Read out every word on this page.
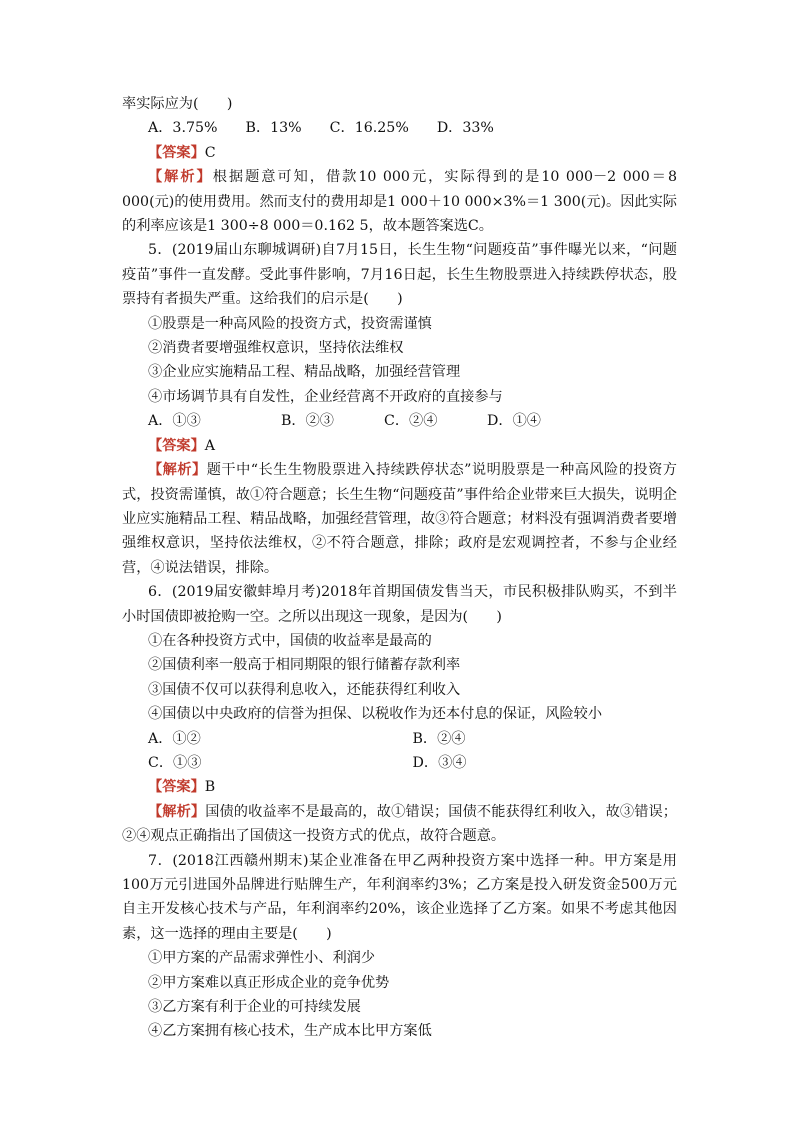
率实际应为(　　)
A．3.75% B．13% C．16.25% D．33%
【答案】C
【解析】根据题意可知，借款10 000元，实际得到的是10 000－2 000＝8 000(元)的使用费用。然而支付的费用却是1 000＋10 000×3%＝1 300(元)。因此实际的利率应该是1 300÷8 000＝0.162 5，故本题答案选C。
5．(2019届山东聊城调研)自7月15日，长生生物“问题疫苗”事件曝光以来，“问题疫苗”事件一直发酵。受此事件影响，7月16日起，长生生物股票进入持续跌停状态，股票持有者损失严重。这给我们的启示是(　　)
①股票是一种高风险的投资方式，投资需谨慎
②消费者要增强维权意识，坚持依法维权
③企业应实施精品工程、精品战略，加强经营管理
④市场调节具有自发性，企业经营离不开政府的直接参与
A．①③	B．②③	C．②④	D．①④
【答案】A
【解析】题干中“长生生物股票进入持续跌停状态”说明股票是一种高风险的投资方式，投资需谨慎，故①符合题意；长生生物“问题疫苗”事件给企业带来巨大损失，说明企业应实施精品工程、精品战略，加强经营管理，故③符合题意；材料没有强调消费者要增强维权意识，坚持依法维权，②不符合题意，排除；政府是宏观调控者，不参与企业经营，④说法错误，排除。
6．(2019届安徽蚌埠月考)2018年首期国债发售当天，市民积极排队购买，不到半小时国债即被抢购一空。之所以出现这一现象，是因为(　　)
①在各种投资方式中，国债的收益率是最高的
②国债利率一般高于相同期限的银行储蓄存款利率
③国债不仅可以获得利息收入，还能获得红利收入
④国债以中央政府的信誉为担保、以税收作为还本付息的保证，风险较小
A．①②	B．②④
C．①③	D．③④
【答案】B
【解析】国债的收益率不是最高的，故①错误；国债不能获得红利收入，故③错误；②④观点正确指出了国债这一投资方式的优点，故符合题意。
7．(2018江西赣州期末)某企业准备在甲乙两种投资方案中选择一种。甲方案是用100万元引进国外品牌进行贴牌生产，年利润率约3%；乙方案是投入研发资金500万元自主开发核心技术与产品，年利润率约20%，该企业选择了乙方案。如果不考虑其他因素，这一选择的理由主要是(　　)
①甲方案的产品需求弹性小、利润少
②甲方案难以真正形成企业的竞争优势
③乙方案有利于企业的可持续发展
④乙方案拥有核心技术，生产成本比甲方案低
